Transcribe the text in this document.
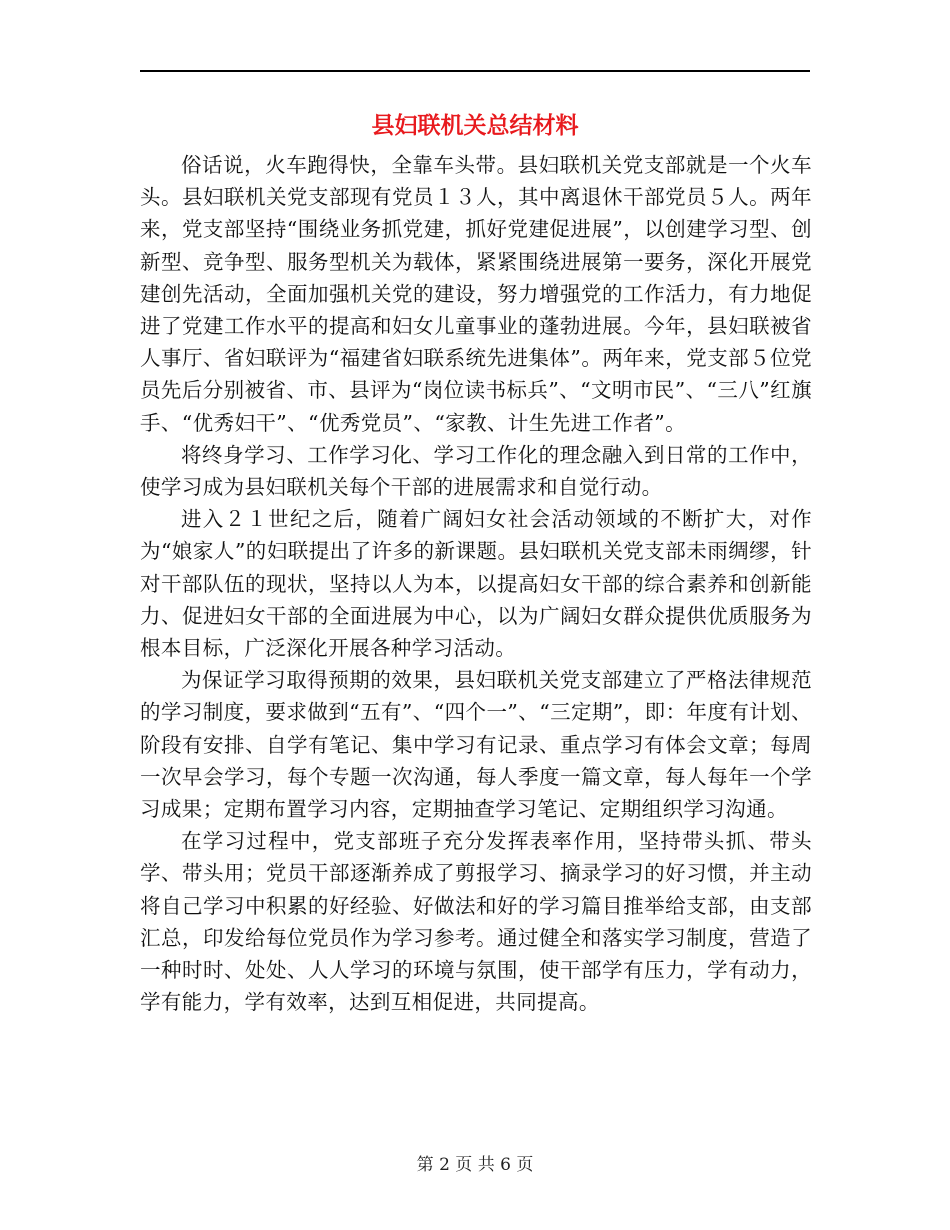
县妇联机关总结材料

俗话说，火车跑得快，全靠车头带。县妇联机关党支部就是一个火车头。县妇联机关党支部现有党员１３人，其中离退休干部党员５人。两年来，党支部坚持“围绕业务抓党建，抓好党建促进展”，以创建学习型、创新型、竞争型、服务型机关为载体，紧紧围绕进展第一要务，深化开展党建创先活动，全面加强机关党的建设，努力增强党的工作活力，有力地促进了党建工作水平的提高和妇女儿童事业的蓬勃进展。今年，县妇联被省人事厅、省妇联评为“福建省妇联系统先进集体”。两年来，党支部５位党员先后分别被省、市、县评为“岗位读书标兵”、“文明市民”、“三八”红旗手、“优秀妇干”、“优秀党员”、“家教、计生先进工作者”。

将终身学习、工作学习化、学习工作化的理念融入到日常的工作中，使学习成为县妇联机关每个干部的进展需求和自觉行动。

进入２１世纪之后，随着广阔妇女社会活动领域的不断扩大，对作为“娘家人”的妇联提出了许多的新课题。县妇联机关党支部未雨绸缪，针对干部队伍的现状，坚持以人为本，以提高妇女干部的综合素养和创新能力、促进妇女干部的全面进展为中心，以为广阔妇女群众提供优质服务为根本目标，广泛深化开展各种学习活动。

为保证学习取得预期的效果，县妇联机关党支部建立了严格法律规范的学习制度，要求做到“五有”、“四个一”、“三定期”，即：年度有计划、阶段有安排、自学有笔记、集中学习有记录、重点学习有体会文章；每周一次早会学习，每个专题一次沟通，每人季度一篇文章，每人每年一个学习成果；定期布置学习内容，定期抽查学习笔记、定期组织学习沟通。

在学习过程中，党支部班子充分发挥表率作用，坚持带头抓、带头学、带头用；党员干部逐渐养成了剪报学习、摘录学习的好习惯，并主动将自己学习中积累的好经验、好做法和好的学习篇目推举给支部，由支部汇总，印发给每位党员作为学习参考。通过健全和落实学习制度，营造了一种时时、处处、人人学习的环境与氛围，使干部学有压力，学有动力，学有能力，学有效率，达到互相促进，共同提高。

第 2 页 共 6 页
